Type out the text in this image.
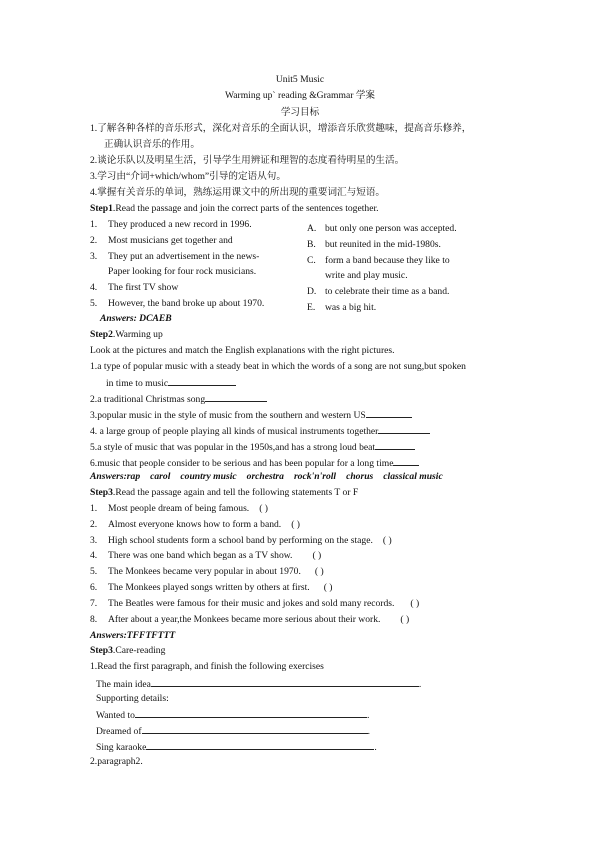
Unit5 Music
Warming up` reading &Grammar 学案
学习目标
1.了解各种各样的音乐形式，深化对音乐的全面认识，增添音乐欣赏趣味，提高音乐修养，
正确认识音乐的作用。
2.谈论乐队以及明星生活，引导学生用辨证和理智的态度看待明星的生活。
3.学习由“介词+which/whom”引导的定语从句。
4.掌握有关音乐的单词，熟练运用课文中的所出现的重要词汇与短语。
Step1.Read the passage and join the correct parts of the sentences together.
1. They produced a new record in 1996.
2. Most musicians get together and
3. They put an advertisement in the news-
Paper looking for four rock musicians.
4. The first TV show
5. However, the band broke up about 1970.
A. but only one person was accepted.
B. but reunited in the mid-1980s.
C. form a band because they like to
write and play music.
D. to celebrate their time as a band.
E. was a big hit.
Answers: DCAEB
Step2.Warming up
Look at the pictures and match the English explanations with the right pictures.
1.a type of popular music with a steady beat in which the words of a song are not sung,but spoken
in time to music
2.a traditional Christmas song
3.popular music in the style of music from the southern and western US
4. a large group of people playing all kinds of musical instruments together
5.a style of music that was popular in the 1950s,and has a strong loud beat
6.music that people consider to be serious and has been popular for a long time
Answers:rap carol country music orchestra rock'n'roll chorus classical music
Step3.Read the passage again and tell the following statements T or F
1. Most people dream of being famous. ( )
2. Almost everyone knows how to form a band. ( )
3. High school students form a school band by performing on the stage. ( )
4. There was one band which began as a TV show. ( )
5. The Monkees became very popular in about 1970. ( )
6. The Monkees played songs written by others at first. ( )
7. The Beatles were famous for their music and jokes and sold many records. ( )
8. After about a year,the Monkees became more serious about their work. ( )
Answers:TFFTFTTT
Step3.Care-reading
1.Read the first paragraph, and finish the following exercises
The main idea	.
Supporting details:
Wanted to	.
Dreamed of	.
Sing karaoke	.
2.paragraph2.
